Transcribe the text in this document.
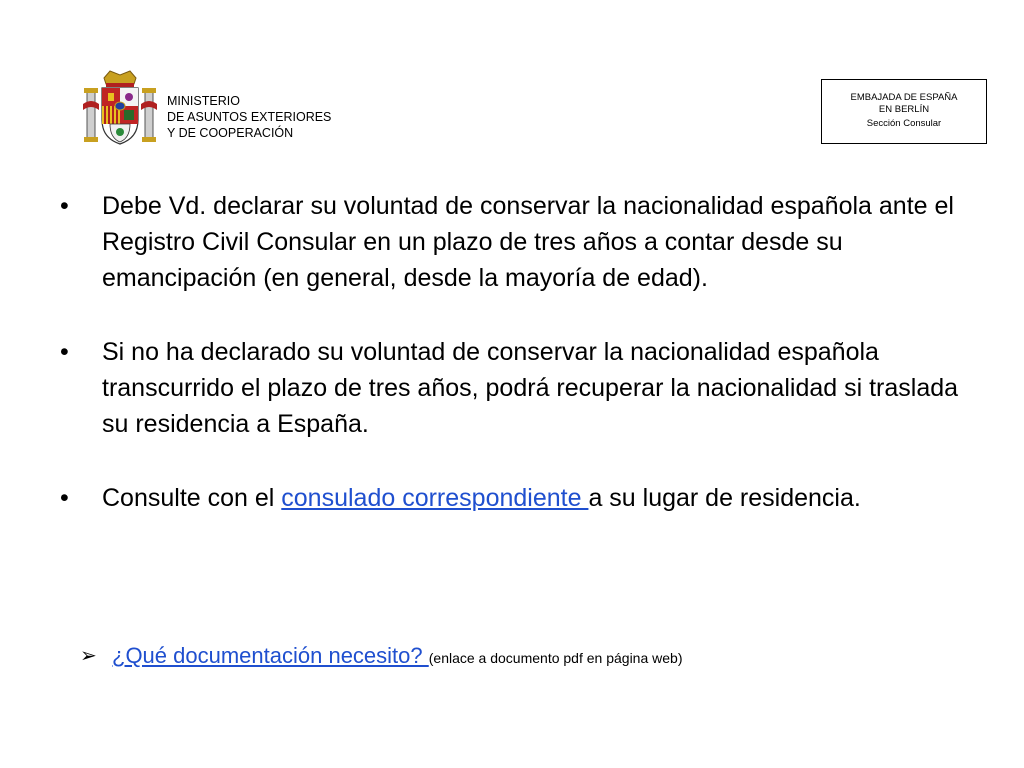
MINISTERIO
DE ASUNTOS EXTERIORES
Y DE COOPERACIÓN
EMBAJADA DE ESPAÑA
EN BERLÍN
Sección Consular
• Debe Vd. declarar su voluntad de conservar la nacionalidad española ante el Registro Civil Consular en un plazo de tres años a contar desde su emancipación (en general, desde la mayoría de edad).
• Si no ha declarado su voluntad de conservar la nacionalidad española transcurrido el plazo de tres años, podrá recuperar la nacionalidad si traslada su residencia a España.
• Consulte con el consulado correspondiente a su lugar de residencia.
➢ ¿Qué documentación necesito? (enlace a documento pdf en página web)
